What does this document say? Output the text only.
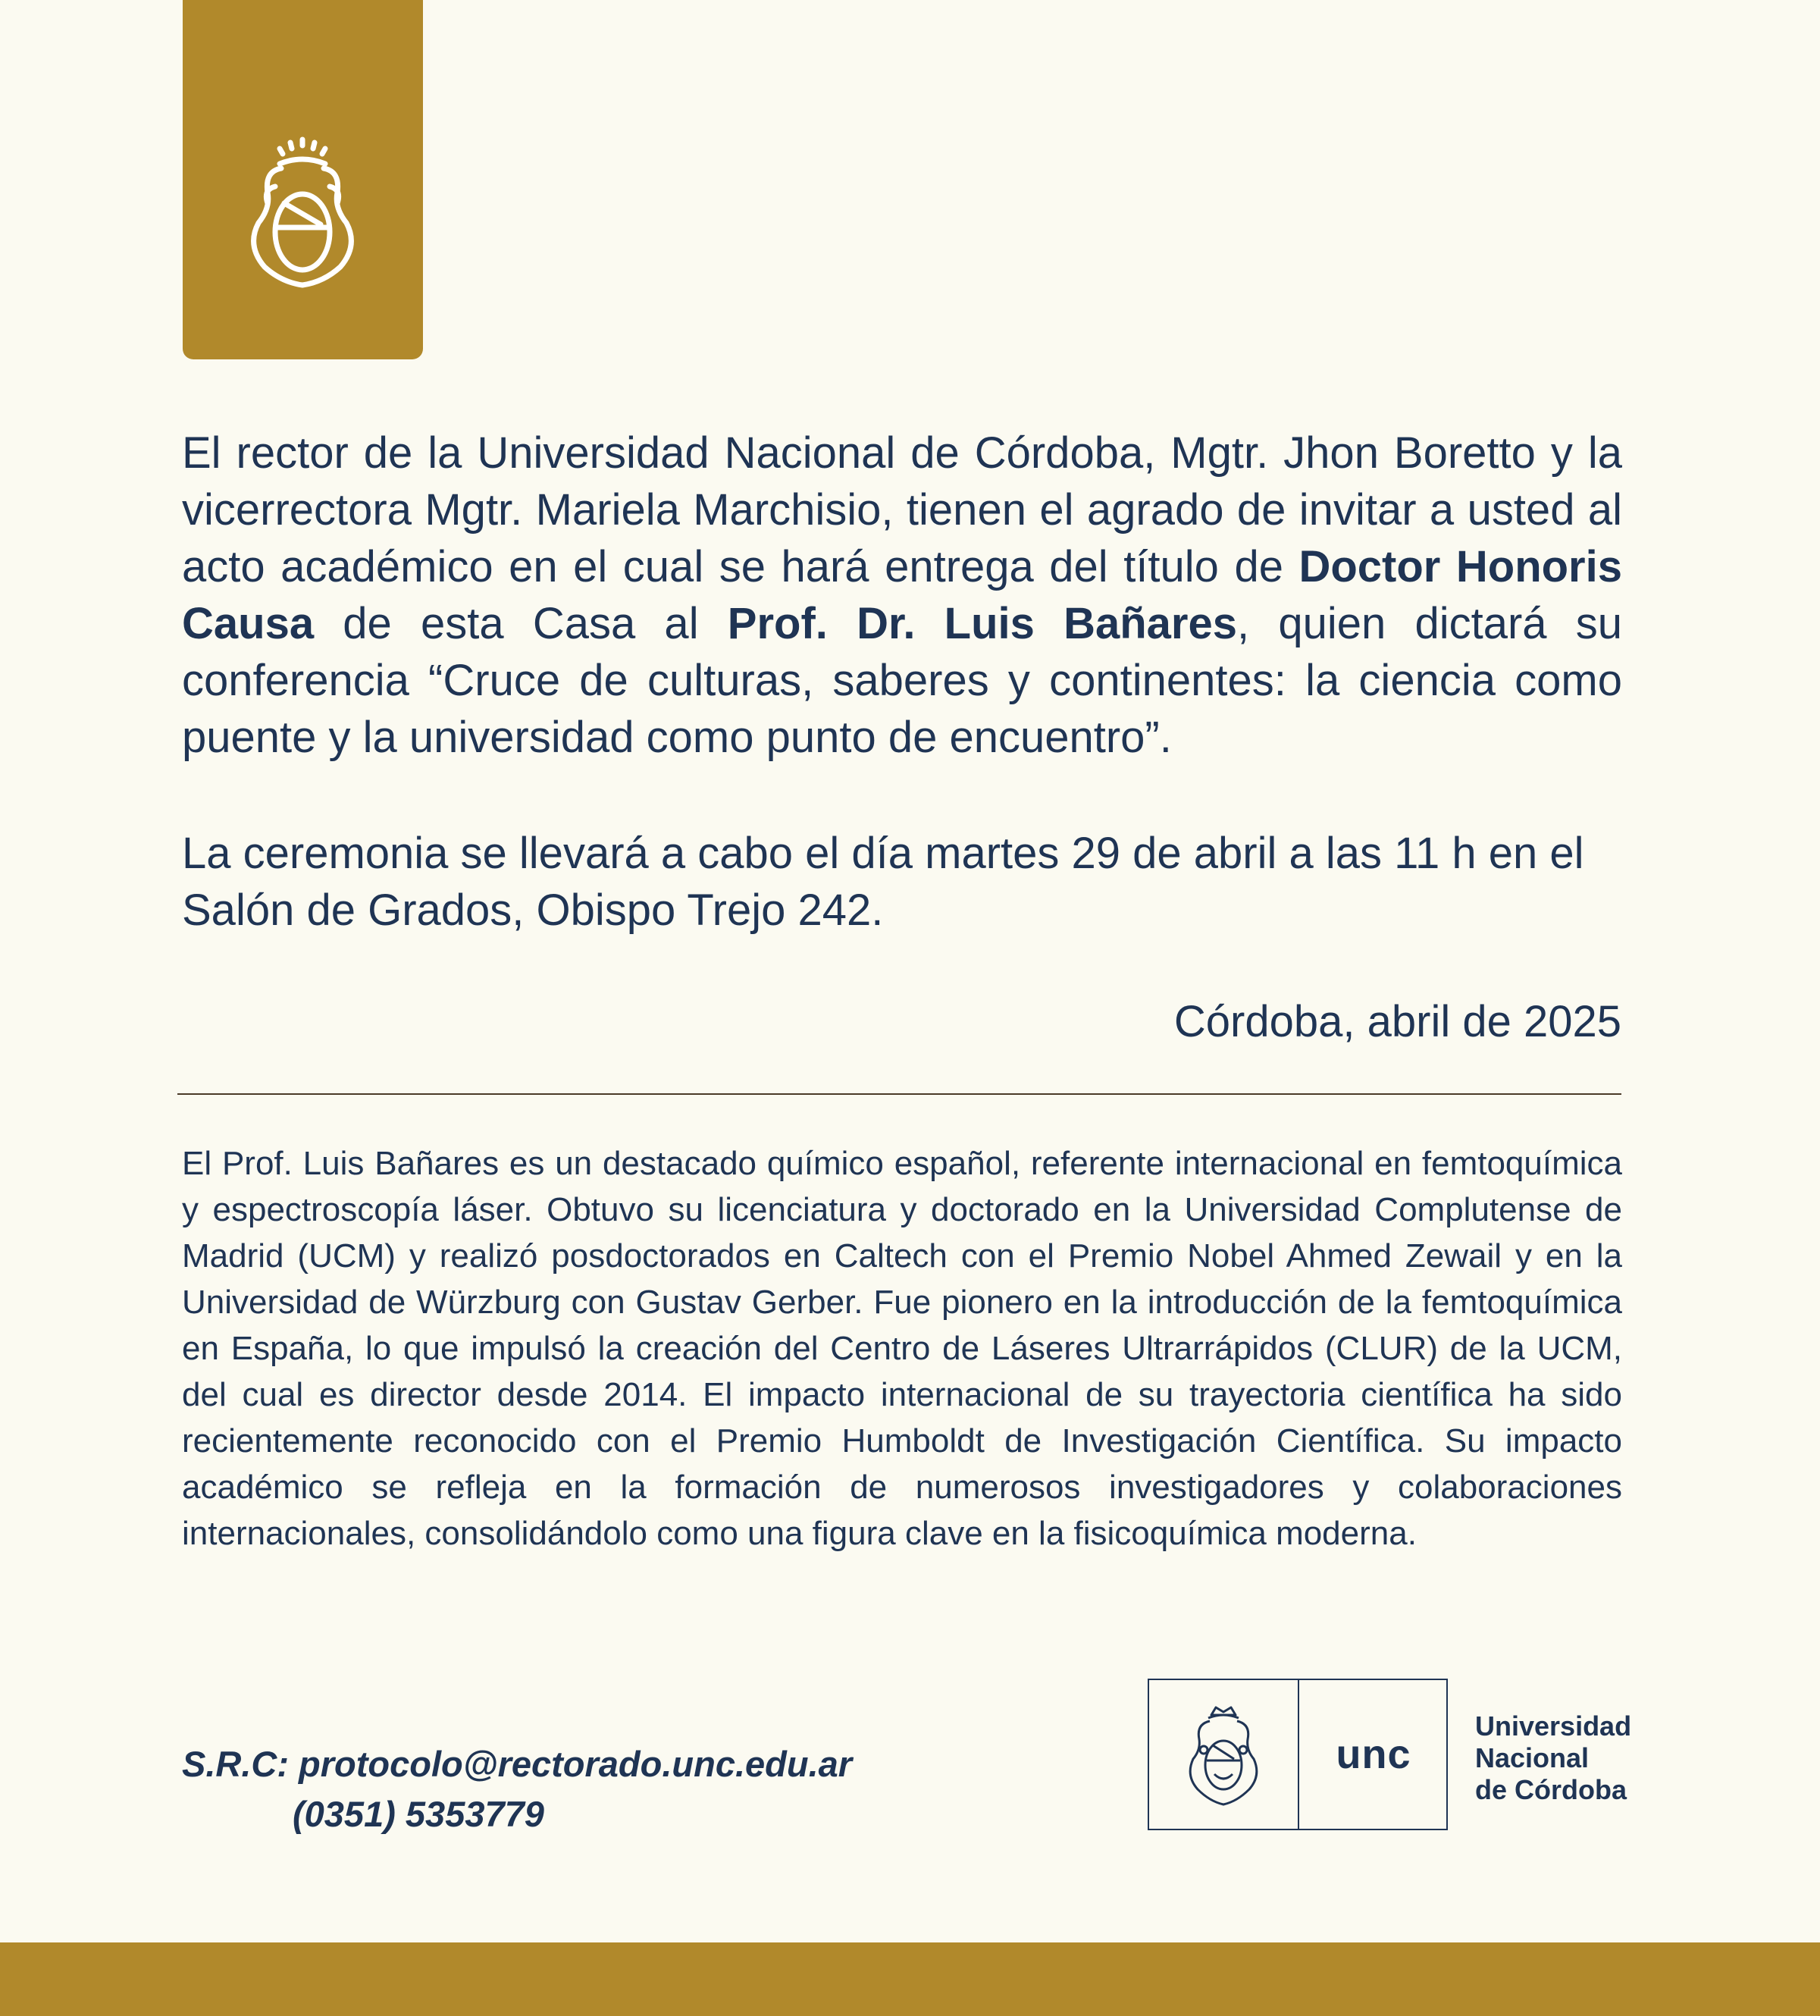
El rector de la Universidad Nacional de Córdoba, Mgtr. Jhon Boretto y la vicerrectora Mgtr. Mariela Marchisio, tienen el agrado de invitar a usted al acto académico en el cual se hará entrega del título de Doctor Honoris Causa de esta Casa al Prof. Dr. Luis Bañares, quien dictará su conferencia “Cruce de culturas, saberes y continentes: la ciencia como puente y la universidad como punto de encuentro”.

La ceremonia se llevará a cabo el día martes 29 de abril a las 11 h en el Salón de Grados, Obispo Trejo 242.

Córdoba, abril de 2025

El Prof. Luis Bañares es un destacado químico español, referente internacional en femtoquímica y espectroscopía láser. Obtuvo su licenciatura y doctorado en la Universidad Complutense de Madrid (UCM) y realizó posdoctorados en Caltech con el Premio Nobel Ahmed Zewail y en la Universidad de Würzburg con Gustav Gerber. Fue pionero en la introducción de la femtoquímica en España, lo que impulsó la creación del Centro de Láseres Ultrarrápidos (CLUR) de la UCM, del cual es director desde 2014. El impacto internacional de su trayectoria científica ha sido recientemente reconocido con el Premio Humboldt de Investigación Científica. Su impacto académico se refleja en la formación de numerosos investigadores y colaboraciones internacionales, consolidándolo como una figura clave en la fisicoquímica moderna.

S.R.C: protocolo@rectorado.unc.edu.ar
(0351) 5353779
unc
Universidad
Nacional
de Córdoba
